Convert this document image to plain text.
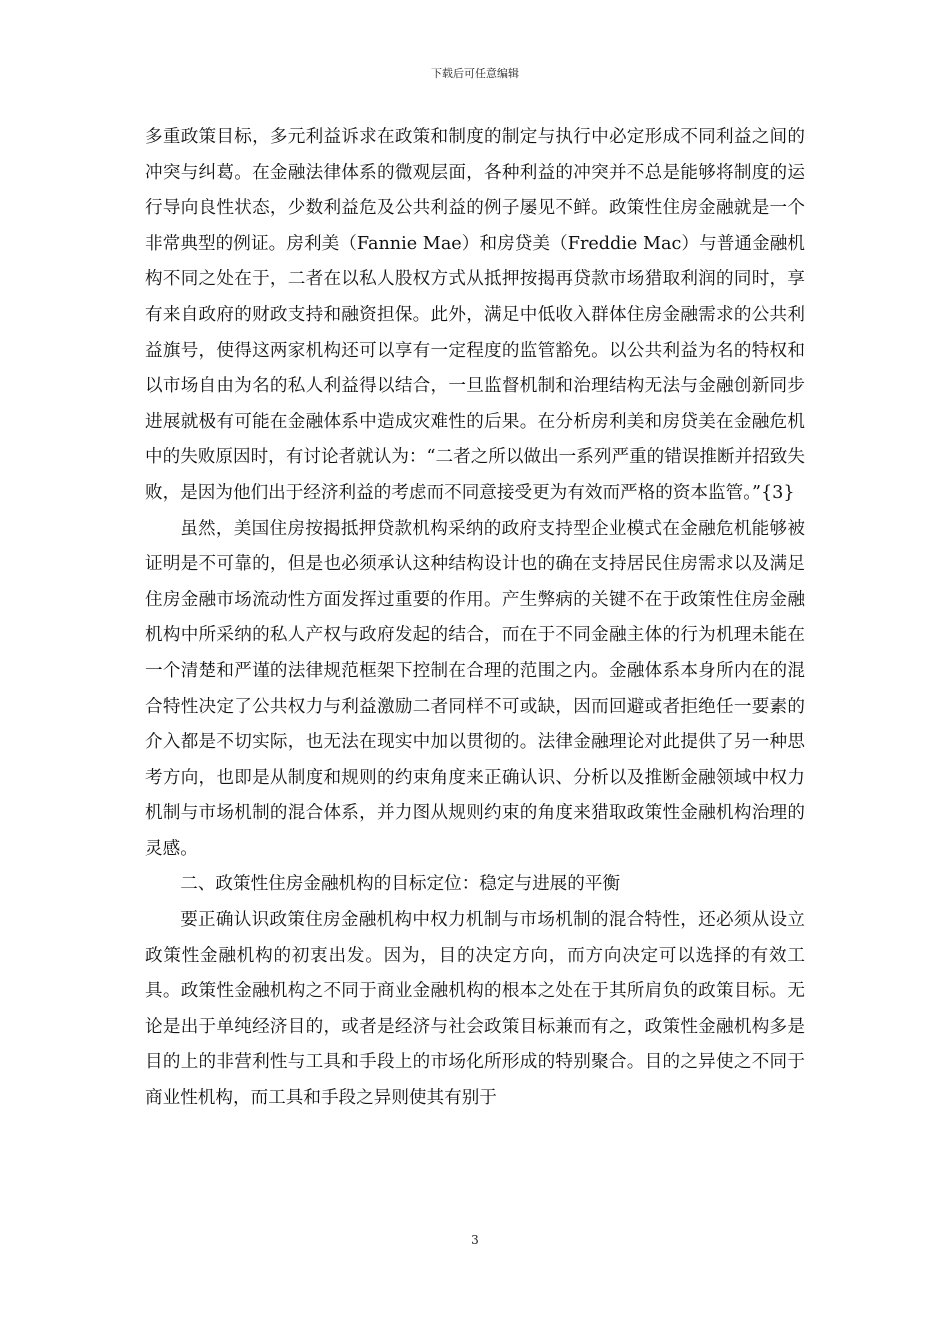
下载后可任意编辑

多重政策目标，多元利益诉求在政策和制度的制定与执行中必定形成不同利益之间的冲突与纠葛。在金融法律体系的微观层面，各种利益的冲突并不总是能够将制度的运行导向良性状态，少数利益危及公共利益的例子屡见不鲜。政策性住房金融就是一个非常典型的例证。房利美（Fannie Mae）和房贷美（Freddie Mac）与普通金融机构不同之处在于，二者在以私人股权方式从抵押按揭再贷款市场猎取利润的同时，享有来自政府的财政支持和融资担保。此外，满足中低收入群体住房金融需求的公共利益旗号，使得这两家机构还可以享有一定程度的监管豁免。以公共利益为名的特权和以市场自由为名的私人利益得以结合，一旦监督机制和治理结构无法与金融创新同步进展就极有可能在金融体系中造成灾难性的后果。在分析房利美和房贷美在金融危机中的失败原因时，有讨论者就认为：“二者之所以做出一系列严重的错误推断并招致失败，是因为他们出于经济利益的考虑而不同意接受更为有效而严格的资本监管。”{3}

虽然，美国住房按揭抵押贷款机构采纳的政府支持型企业模式在金融危机能够被证明是不可靠的，但是也必须承认这种结构设计也的确在支持居民住房需求以及满足住房金融市场流动性方面发挥过重要的作用。产生弊病的关键不在于政策性住房金融机构中所采纳的私人产权与政府发起的结合，而在于不同金融主体的行为机理未能在一个清楚和严谨的法律规范框架下控制在合理的范围之内。金融体系本身所内在的混合特性决定了公共权力与利益激励二者同样不可或缺，因而回避或者拒绝任一要素的介入都是不切实际，也无法在现实中加以贯彻的。法律金融理论对此提供了另一种思考方向，也即是从制度和规则的约束角度来正确认识、分析以及推断金融领域中权力机制与市场机制的混合体系，并力图从规则约束的角度来猎取政策性金融机构治理的灵感。

二、政策性住房金融机构的目标定位：稳定与进展的平衡

要正确认识政策住房金融机构中权力机制与市场机制的混合特性，还必须从设立政策性金融机构的初衷出发。因为，目的决定方向，而方向决定可以选择的有效工具。政策性金融机构之不同于商业金融机构的根本之处在于其所肩负的政策目标。无论是出于单纯经济目的，或者是经济与社会政策目标兼而有之，政策性金融机构多是目的上的非营利性与工具和手段上的市场化所形成的特别聚合。目的之异使之不同于商业性机构，而工具和手段之异则使其有别于

3
